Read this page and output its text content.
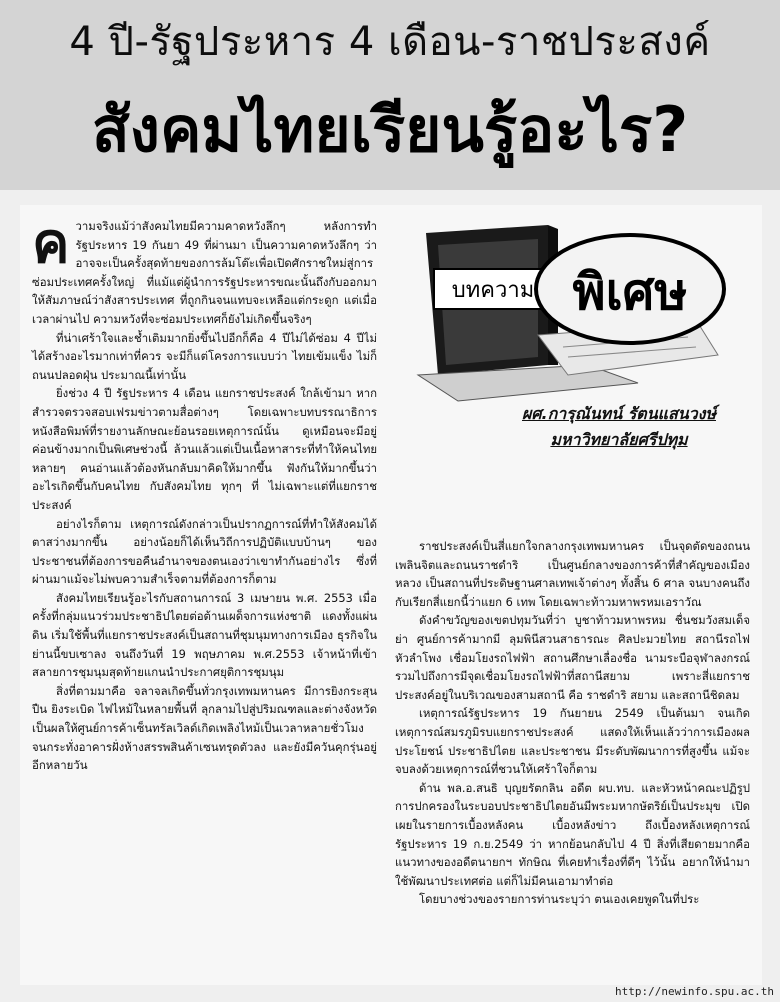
4 ปี-รัฐประหาร 4 เดือน-ราชประสงค์
สังคมไทยเรียนรู้อะไร?

ค วามจริงแม้ว่าสังคมไทยมีความคาดหวังลึกๆ หลังการทำรัฐประหาร 19 กันยา 49 ที่ผ่านมา เป็นความคาดหวังลึกๆ ว่าอาจจะเป็นครั้งสุดท้ายของการล้มโต๊ะเพื่อเปิดศักราชใหม่สู่การซ่อมประเทศครั้งใหญ่ ที่แม้แต่ผู้นำการรัฐประหารขณะนั้นถึงกับออกมาให้สัมภาษณ์ว่าสังสารประเทศ ที่ถูกกินจนแทบจะเหลือแต่กระดูก แต่เมื่อเวลาผ่านไป ความหวังที่จะซ่อมประเทศก็ยังไม่เกิดขึ้นจริงๆ

ที่น่าเศร้าใจและช้ำเติมมากยิ่งขึ้นไปอีกก็คือ 4 ปีไม่ได้ซ่อม 4 ปีไม่ได้สร้างอะไรมากเท่าที่ควร จะมีก็แต่โครงการแบบว่า ไทยเข้มแข็ง ไม่ก็ถนนปลอดฝุ่น ประมาณนี้เท่านั้น

ยิ่งช่วง 4 ปี รัฐประหาร 4 เดือน แยกราชประสงค์ ใกล้เข้ามา หากสำรวจตรวจสอบเฟรมข่าวตามสื่อต่างๆ โดยเฉพาะบทบรรณาธิการหนังสือพิมพ์ที่รายงานลักษณะย้อนรอยเหตุการณ์นั้น ดูเหมือนจะมีอยู่ค่อนข้างมากเป็นพิเศษช่วงนี้ ล้วนแล้วแต่เป็นเนื้อหาสาระที่ทำให้คนไทยหลายๆ คนอ่านแล้วต้องหันกลับมาคิดให้มากขึ้น ฟังกันให้มากขึ้นว่าอะไรเกิดขึ้นกับคนไทย กับสังคมไทย ทุกๆ ที่ ไม่เฉพาะแต่ที่แยกราชประสงค์

อย่างไรก็ตาม เหตุการณ์ดังกล่าวเป็นปรากฏการณ์ที่ทำให้สังคมได้ตาสว่างมากขึ้น อย่างน้อยก็ได้เห็นวิถีการปฏิบัติแบบบ้านๆ ของประชาชนที่ต้องการขอคืนอำนาจของตนเองว่าเขาทำกันอย่างไร ซึ่งที่ผ่านมาแม้จะไม่พบความสำเร็จตามที่ต้องการก็ตาม

สังคมไทยเรียนรู้อะไรกับสถานการณ์ 3 เมษายน พ.ศ. 2553 เมื่อครั้งที่กลุ่มแนวร่วมประชาธิปไตยต่อต้านเผด็จการแห่งชาติ แดงทั้งแผ่นดิน เริ่มใช้พื้นที่แยกราชประสงค์เป็นสถานที่ชุมนุมทางการเมือง ธุรกิจในย่านนี้ขบเซาลง จนถึงวันที่ 19 พฤษภาคม พ.ศ.2553 เจ้าหน้าที่เข้าสลายการชุมนุมสุดท้ายแกนนำประกาศยุติการชุมนุม

สิ่งที่ตามมาคือ จลาจลเกิดขึ้นทั่วกรุงเทพมหานคร มีการยิงกระสุนปืน ยิงระเบิด ไฟไหม้ในหลายพื้นที่ ลุกลามไปสู่ปริมณฑลและต่างจังหวัด เป็นผลให้ศูนย์การค้าเซ็นทรัลเวิลด์เกิดเพลิงไหม้เป็นเวลาหลายชั่วโมง จนกระทั่งอาคารฝั่งห้างสรรพสินค้าเซนทรุดตัวลง และยังมีควันคุกรุ่นอยู่อีกหลายวัน

บทความ พิเศษ
ผศ.การุณันทน์ รัตนแสนวงษ์
มหาวิทยาลัยศรีปทุม

ราชประสงค์เป็นสี่แยกใจกลางกรุงเทพมหานคร เป็นจุดตัดของถนนเพลินจิตและถนนราชดำริ เป็นศูนย์กลางของการค้าที่สำคัญของเมืองหลวง เป็นสถานที่ประดิษฐานศาลเทพเจ้าต่างๆ ทั้งสิ้น 6 ศาล จนบางคนถึงกับเรียกสี่แยกนี้ว่าแยก 6 เทพ โดยเฉพาะท้าวมหาพรหมเอราวัณ

ดังคำขวัญของเขตปทุมวันที่ว่า บูชาท้าวมหาพรหม ชื่นชมวังสมเด็จย่า ศูนย์การค้ามากมี ลุมพินีสวนสาธารณะ ศิลปะมวยไทย สถานีรถไฟหัวลำโพง เชื่อมโยงรถไฟฟ้า สถานศึกษาเลื่องชื่อ นามระบือจุฬาลงกรณ์ รวมไปถึงการมีจุดเชื่อมโยงรถไฟฟ้าที่สถานีสยาม เพราะสี่แยกราชประสงค์อยู่ในบริเวณของสามสถานี คือ ราชดำริ สยาม และสถานีชิดลม

เหตุการณ์รัฐประหาร 19 กันยายน 2549 เป็นต้นมา จนเกิดเหตุการณ์สมรภูมิรบแยกราชประสงค์ แสดงให้เห็นแล้วว่าการเมืองผลประโยชน์ ประชาธิปไตย และประชาชน มีระดับพัฒนาการที่สูงขึ้น แม้จะจบลงด้วยเหตุการณ์ที่ชวนให้เศร้าใจก็ตาม

ด้าน พล.อ.สนธิ บุญยรัตกลิน อดีต ผบ.ทบ. และหัวหน้าคณะปฏิรูปการปกครองในระบอบประชาธิปไตยอันมีพระมหากษัตริย์เป็นประมุข เปิดเผยในรายการเบื้องหลังคน เบื้องหลังข่าว ถึงเบื้องหลังเหตุการณ์รัฐประหาร 19 ก.ย.2549 ว่า หากย้อนกลับไป 4 ปี สิ่งที่เสียดายมากคือ แนวทางของอดีตนายกฯ ทักษิณ ที่เคยทำเรื่องที่ดีๆ ไว้นั้น อยากให้นำมาใช้พัฒนาประเทศต่อ แต่ก็ไม่มีคนเอามาทำต่อ

โดยบางช่วงของรายการท่านระบุว่า ตนเองเคยพูดในที่ประ

http://newinfo.spu.ac.th
